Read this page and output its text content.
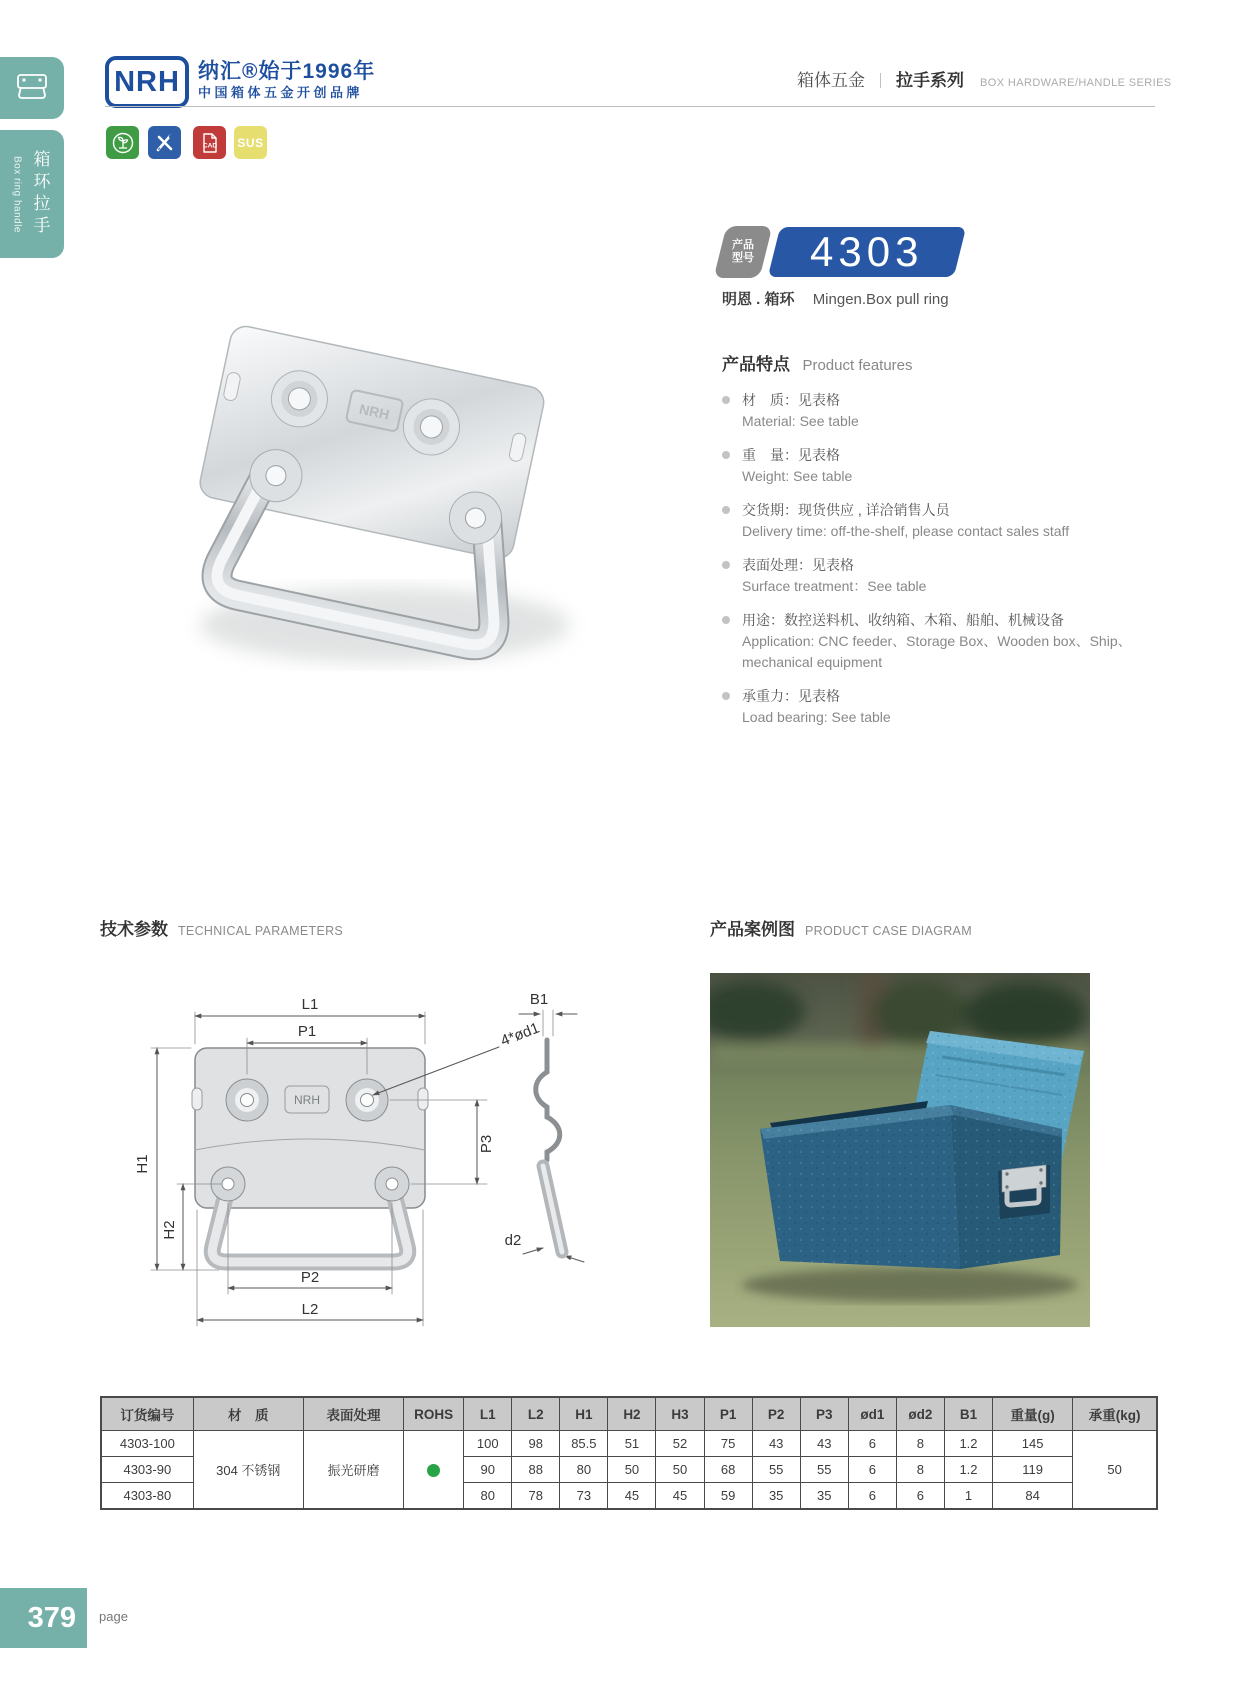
Box ring handle 箱环拉手
NRH 纳汇®始于1996年
中国箱体五金开创品牌
箱体五金 ｜ 拉手系列 BOX HARDWARE/HANDLE SERIES
CAD SUS
产品
型号 4303
明恩 . 箱环 Mingen.Box pull ring
NRH
产品特点 Product features
材　质：见表格
Material: See table
重　量：见表格
Weight: See table
交货期：现货供应 , 详洽销售人员
Delivery time: off-the-shelf, please contact sales staff
表面处理：见表格
Surface treatment：See table
用途：数控送料机、收纳箱、木箱、船舶、机械设备
Application: CNC feeder、Storage Box、Wooden box、Ship、mechanical equipment
承重力：见表格
Load bearing: See table
技术参数 TECHNICAL PARAMETERS	产品案例图 PRODUCT CASE DIAGRAM
NRH
L1
P1
H1
H2
P3
P2
L2
4*ød1
B1
d2
订货编号	材　质	表面处理	ROHS	L1	L2	H1	H2	H3	P1	P2	P3	ød1	ød2	B1	重量(g)	承重(kg)
4303-100	304 不锈钢	振光研磨		100	98	85.5	51	52	75	43	43	6	8	1.2	145	50
4303-90				90	88	80	50	50	68	55	55	6	8	1.2	119	
4303-80				80	78	73	45	45	59	35	35	6	6	1	84	
379	page
